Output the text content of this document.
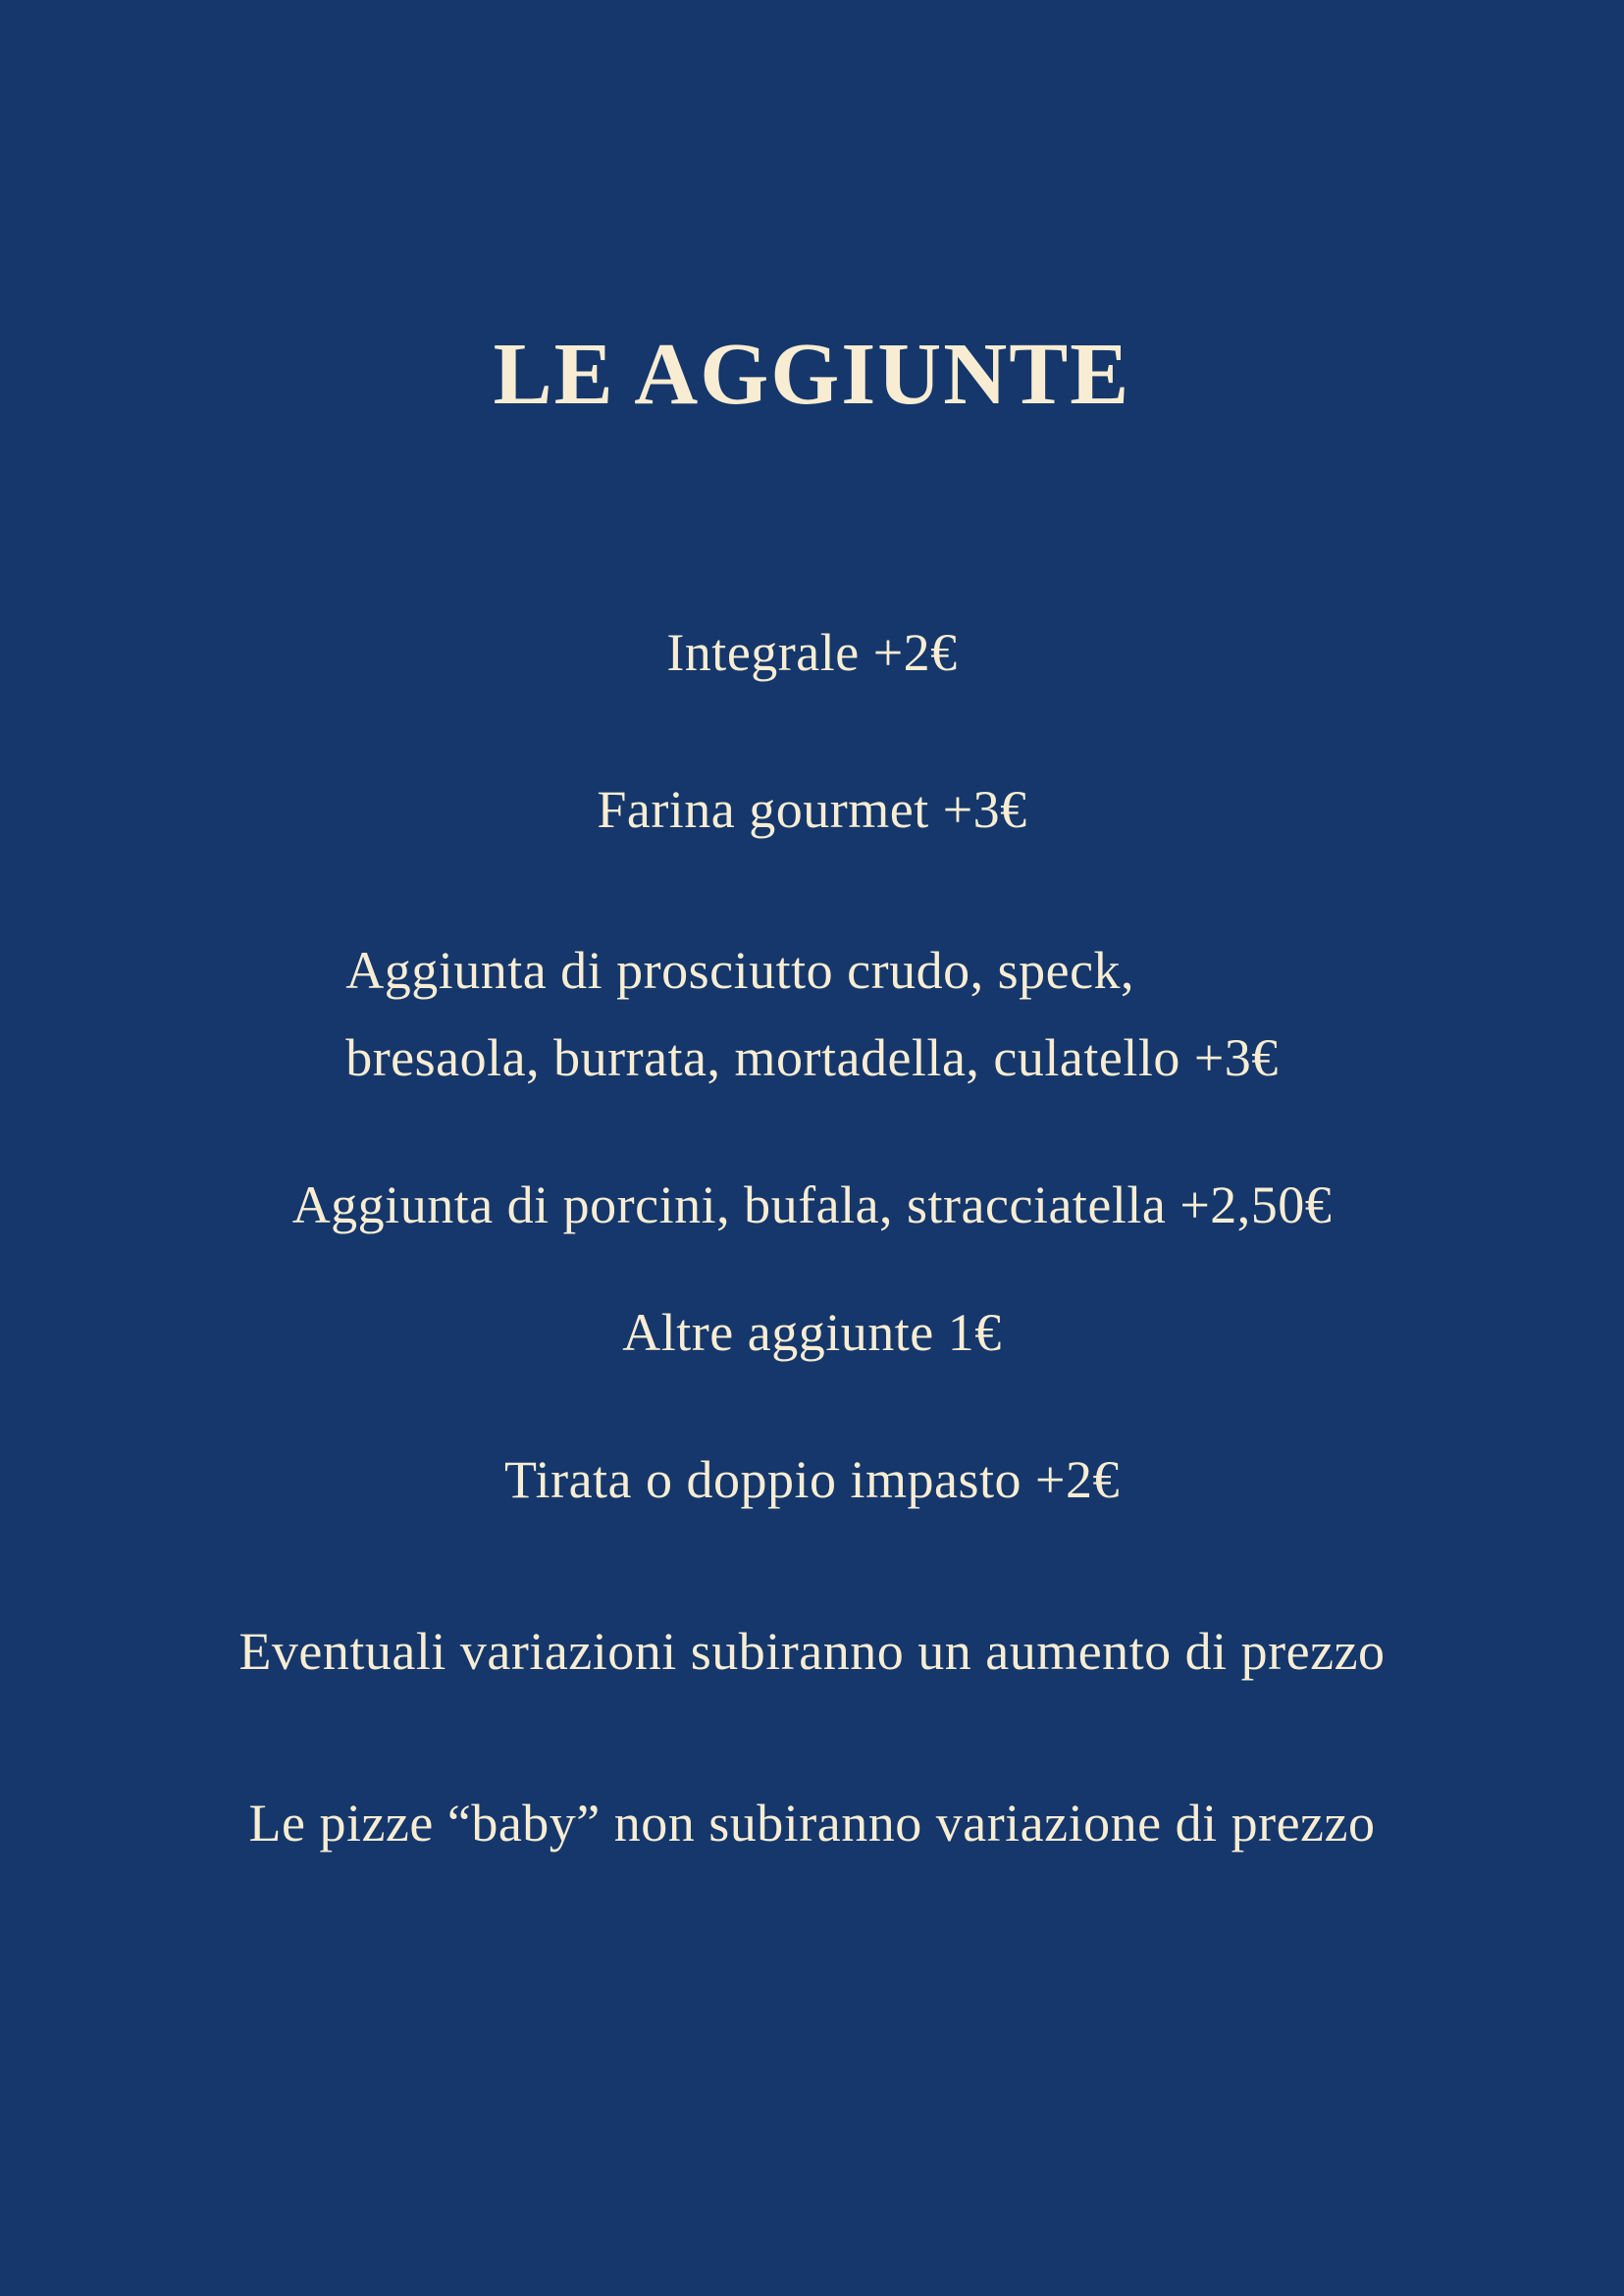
LE AGGIUNTE

Integrale +2€

Farina gourmet +3€

Aggiunta di prosciutto crudo, speck,
bresaola, burrata, mortadella, culatello +3€

Aggiunta di porcini, bufala, stracciatella +2,50€

Altre aggiunte 1€

Tirata o doppio impasto +2€

Eventuali variazioni subiranno un aumento di prezzo

Le pizze “baby” non subiranno variazione di prezzo
